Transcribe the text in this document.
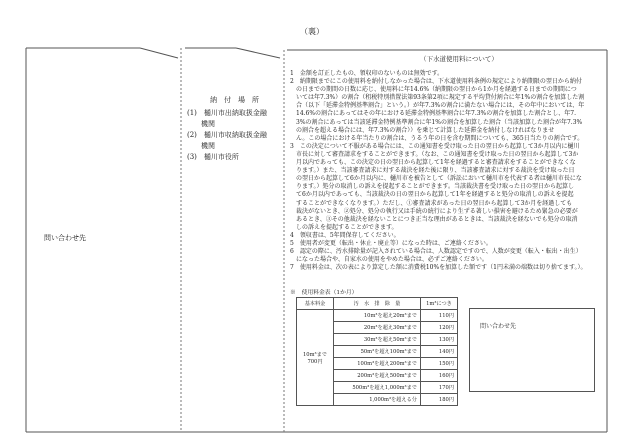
（裏）
問い合わせ先
納　付　場　所
(1)　樋川市出納取扱金融
　　機関
(2)　樋川市収納取扱金融
　　機関
(3)　樋川市役所
（下水道使用料について）
1　金額を訂正したもの、領収印のないものは無効です。
2　納期限までにこの使用料を納付しなかった場合は、下水道使用料条例の規定により納期限の翌日から納付
　の日までの期間の日数に応じ、使用料に年14.6%（納期限の翌日から1か月を経過する日までの期間につ
　いては年7.3%）の割合（租税特別措置法第93条第2項に規定する平均貸付割合に年1%の割合を加算した割
　合（以下「延滞金特例基準割合」という。）が年7.3%の割合に満たない場合には、その年中においては、年
　14.6%の割合にあってはその年における延滞金特例基準割合に年7.3%の割合を加算した割合とし、年7.
　3%の割合にあっては当該延滞金特例基準割合に年1%の割合を加算した割合（当該加算した割合が年7.3%
　の割合を超える場合には、年7.3%の割合））を乗じて計算した延滞金を納付しなければなりませ
　ん。この場合における年当たりの割合は、うるう年の日を含む期間についても、365日当たりの割合です。
3　この決定について不服がある場合には、この通知書を受け取った日の翌日から起算して3か月以内に樋川
　市長に対して審査請求をすることができます。（なお、この通知書を受け取った日の翌日から起算して3か
　月以内であっても、この決定の日の翌日から起算して1年を経過すると審査請求をすることができなくな
　ります。）また、当該審査請求に対する裁決を経た後に限り、当該審査請求に対する裁決を受け取った日
　の翌日から起算して6か月以内に、樋川市を被告として（訴訟において樋川市を代表する者は樋川市長にな
　ります。）処分の取消しの訴えを提起することができます。当該裁決書を受け取った日の翌日から起算し
　て6か月以内であっても、当該裁決の日の翌日から起算して1年を経過すると処分の取消しの訴えを提起
　することができなくなります。）ただし、①審査請求があった日の翌日から起算して3か月を経過しても
　裁決がないとき、②処分、処分の執行又は手続の続行により生ずる著しい損害を避けるため緊急の必要が
　あるとき、③その他裁決を経ないことにつき正当な理由があるときは、当該裁決を経ないでも処分の取消
　しの訴えを提起することができます。
4　領収書は、5年間保存してください。
5　使用者が変更（転出・休止・廃止等）になった時は、ご連絡ください。
6　認定の際に、汚水排除量が記入されている場合は、人数認定ですので、人数が変更（転入・転出・出生）
　になった場合や、自家水の使用をやめた場合は、必ずご連絡ください。
7　使用料金は、次の表により算定した額に消費税10%を加算した額です（1円未満の端数は切り捨てます。）。
※　使用料金表（1か月）
基本料金	汚　水　排　除　量	1m³につき

10m³まで
700円	10m³を超え20m³まで	110円
	20m³を超え30m³まで	120円
	30m³を超え50m³まで	130円
	50m³を超え100m³まで	140円
	100m³を超え200m³まで	150円
	200m³を超え500m³まで	160円
	500m³を超え1,000m³まで	170円
	1,000m³を超える分	180円
問い合わせ先
